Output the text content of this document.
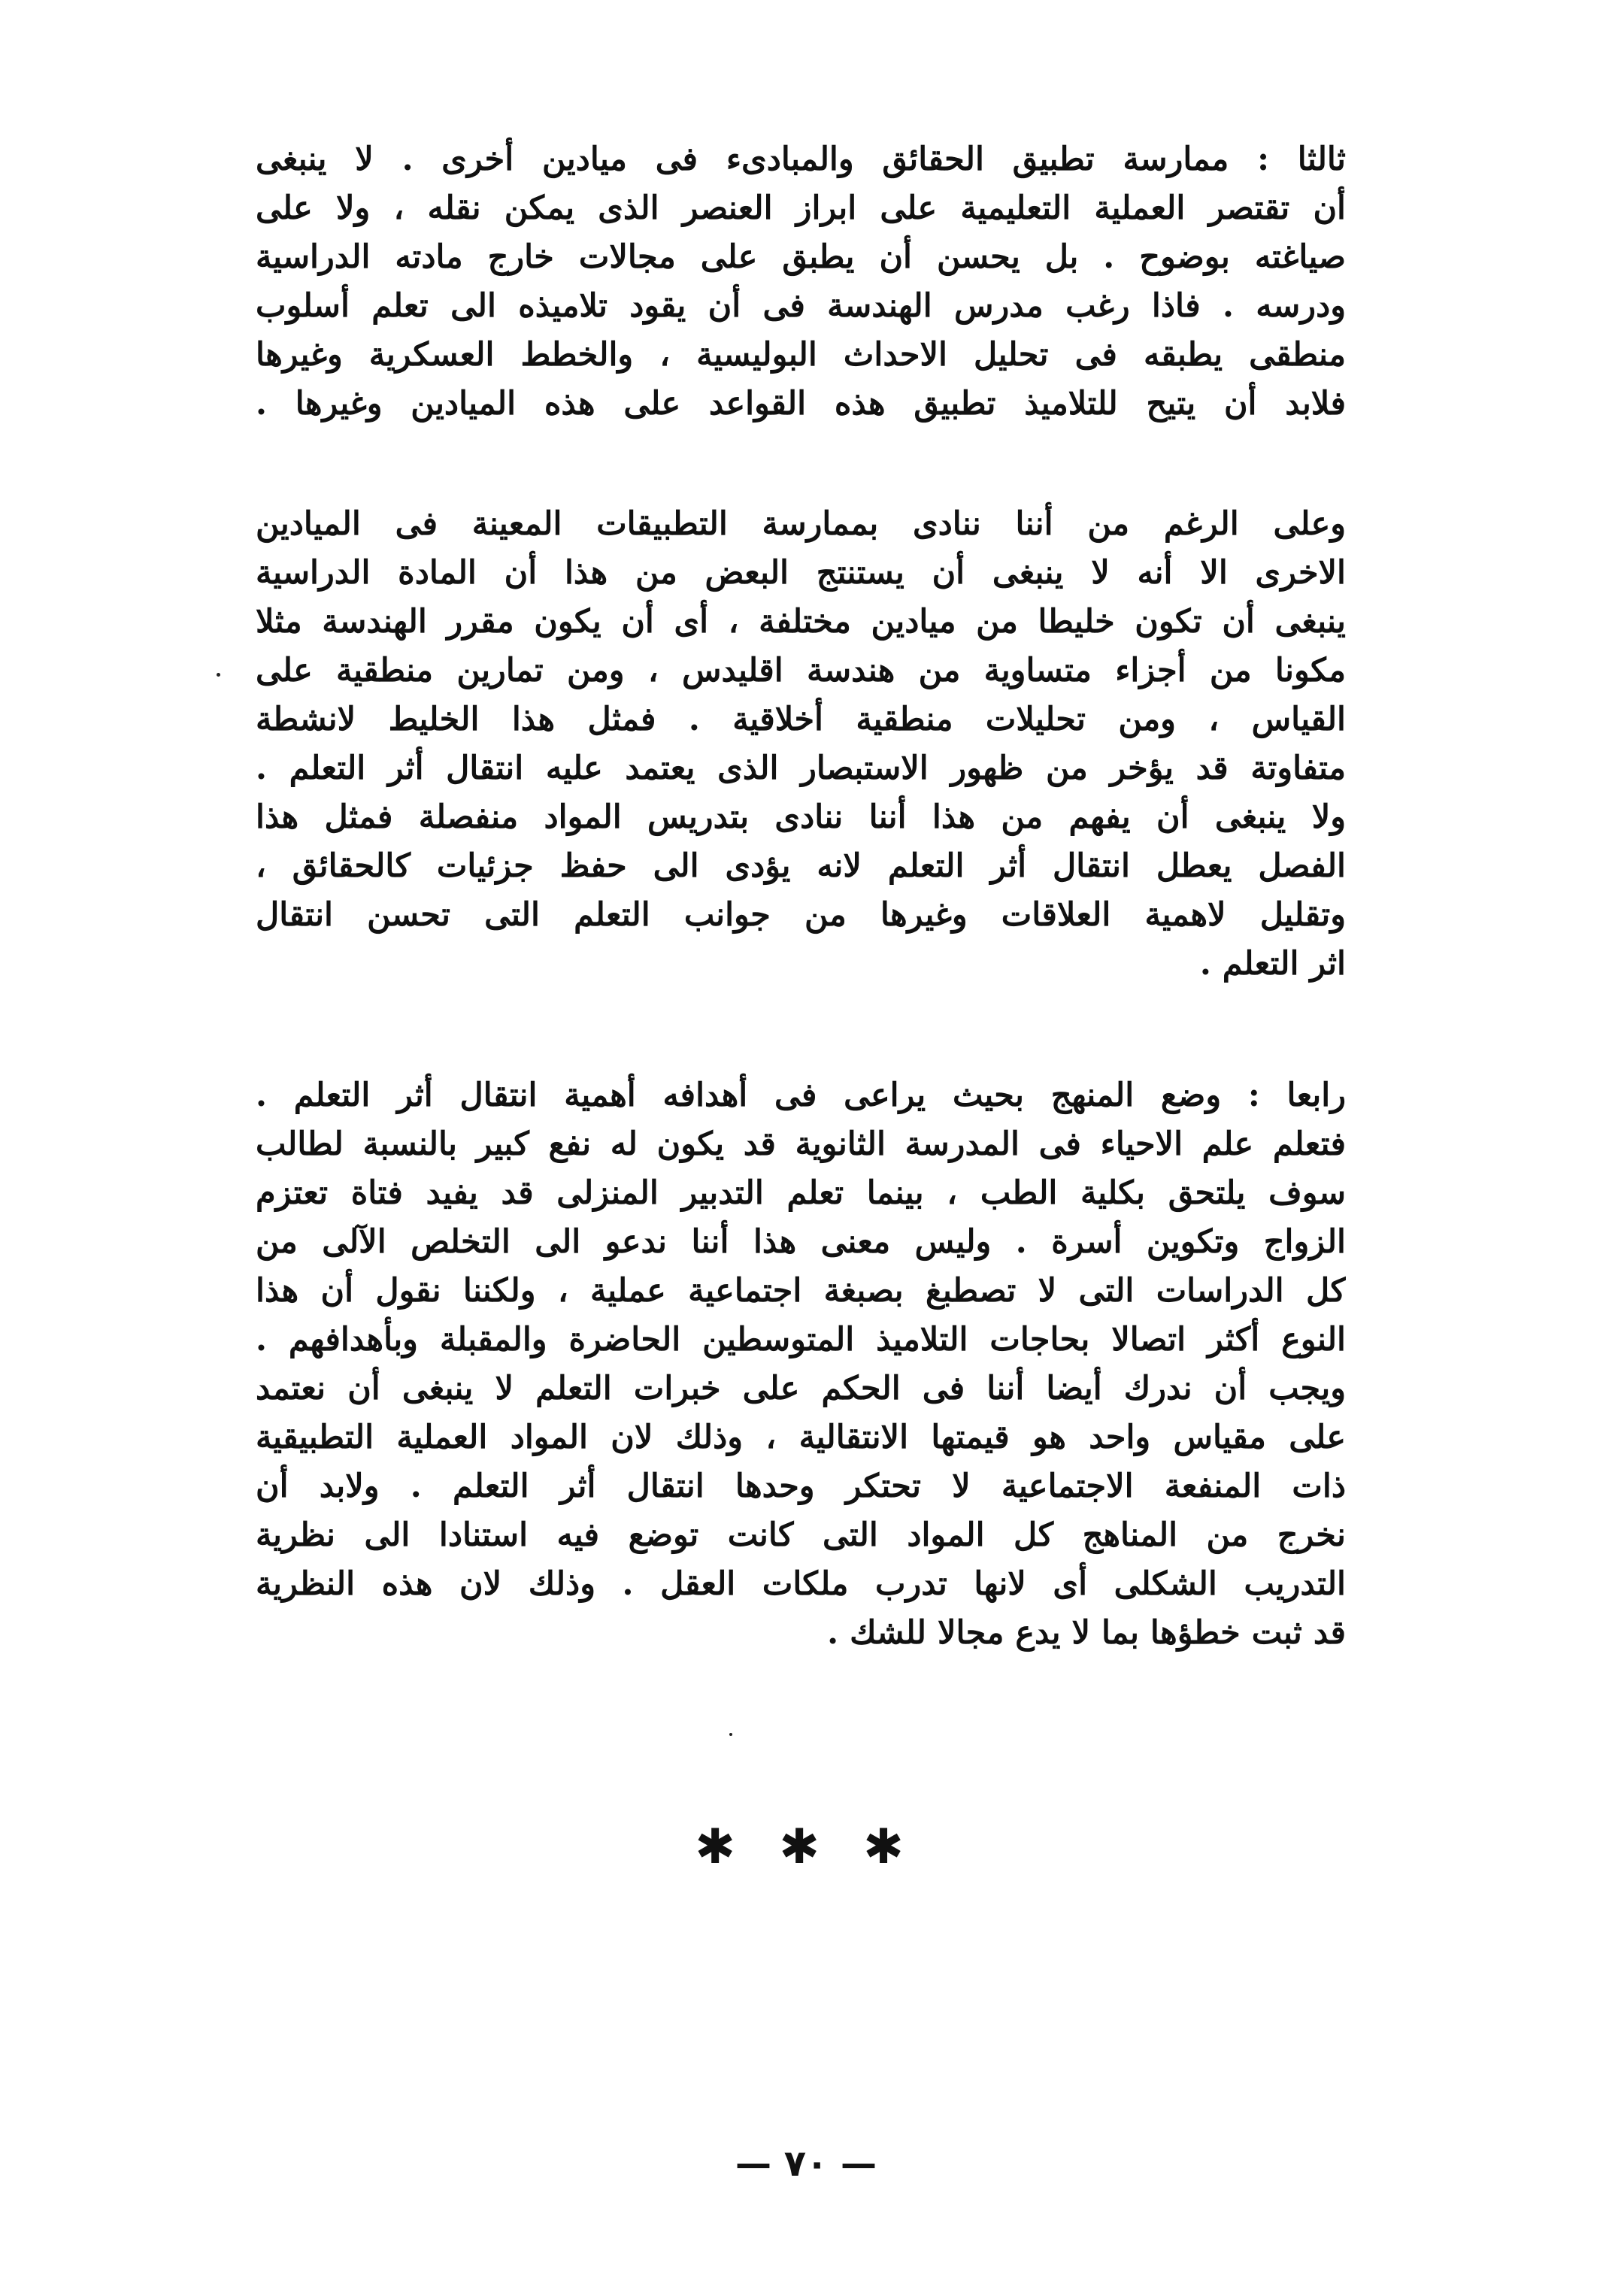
ثالثا : ممارسة تطبيق الحقائق والمبادىء فى ميادين أخرى . لا ينبغى
أن تقتصر العملية التعليمية على ابراز العنصر الذى يمكن نقله ، ولا على
صياغته بوضوح . بل يحسن أن يطبق على مجالات خارج مادته الدراسية
ودرسه . فاذا رغب مدرس الهندسة فى أن يقود تلاميذه الى تعلم أسلوب
منطقى يطبقه فى تحليل الاحداث البوليسية ، والخطط العسكرية وغيرها
فلابد أن يتيح للتلاميذ تطبيق هذه القواعد على هذه الميادين وغيرها .
وعلى الرغم من أننا ننادى بممارسة التطبيقات المعينة فى الميادين
الاخرى الا أنه لا ينبغى أن يستنتج البعض من هذا أن المادة الدراسية
ينبغى أن تكون خليطا من ميادين مختلفة ، أى أن يكون مقرر الهندسة مثلا
مكونا من أجزاء متساوية من هندسة اقليدس ، ومن تمارين منطقية على
القياس ، ومن تحليلات منطقية أخلاقية . فمثل هذا الخليط لانشطة
متفاوتة قد يؤخر من ظهور الاستبصار الذى يعتمد عليه انتقال أثر التعلم .
ولا ينبغى أن يفهم من هذا أننا ننادى بتدريس المواد منفصلة فمثل هذا
الفصل يعطل انتقال أثر التعلم لانه يؤدى الى حفظ جزئيات كالحقائق ،
وتقليل لاهمية العلاقات وغيرها من جوانب التعلم التى تحسن انتقال
اثر التعلم .
رابعا : وضع المنهج بحيث يراعى فى أهدافه أهمية انتقال أثر التعلم .
فتعلم علم الاحياء فى المدرسة الثانوية قد يكون له نفع كبير بالنسبة لطالب
سوف يلتحق بكلية الطب ، بينما تعلم التدبير المنزلى قد يفيد فتاة تعتزم
الزواج وتكوين أسرة . وليس معنى هذا أننا ندعو الى التخلص الآلى من
كل الدراسات التى لا تصطبغ بصبغة اجتماعية عملية ، ولكننا نقول أن هذا
النوع أكثر اتصالا بحاجات التلاميذ المتوسطين الحاضرة والمقبلة وبأهدافهم .
ويجب أن ندرك أيضا أننا فى الحكم على خبرات التعلم لا ينبغى أن نعتمد
على مقياس واحد هو قيمتها الانتقالية ، وذلك لان المواد العملية التطبيقية
ذات المنفعة الاجتماعية لا تحتكر وحدها انتقال أثر التعلم . ولابد أن
نخرج من المناهج كل المواد التى كانت توضع فيه استنادا الى نظرية
التدريب الشكلى أى لانها تدرب ملكات العقل . وذلك لان هذه النظرية
قد ثبت خطؤها بما لا يدع مجالا للشك .
✱ ✱ ✱
— ٧٠ —
